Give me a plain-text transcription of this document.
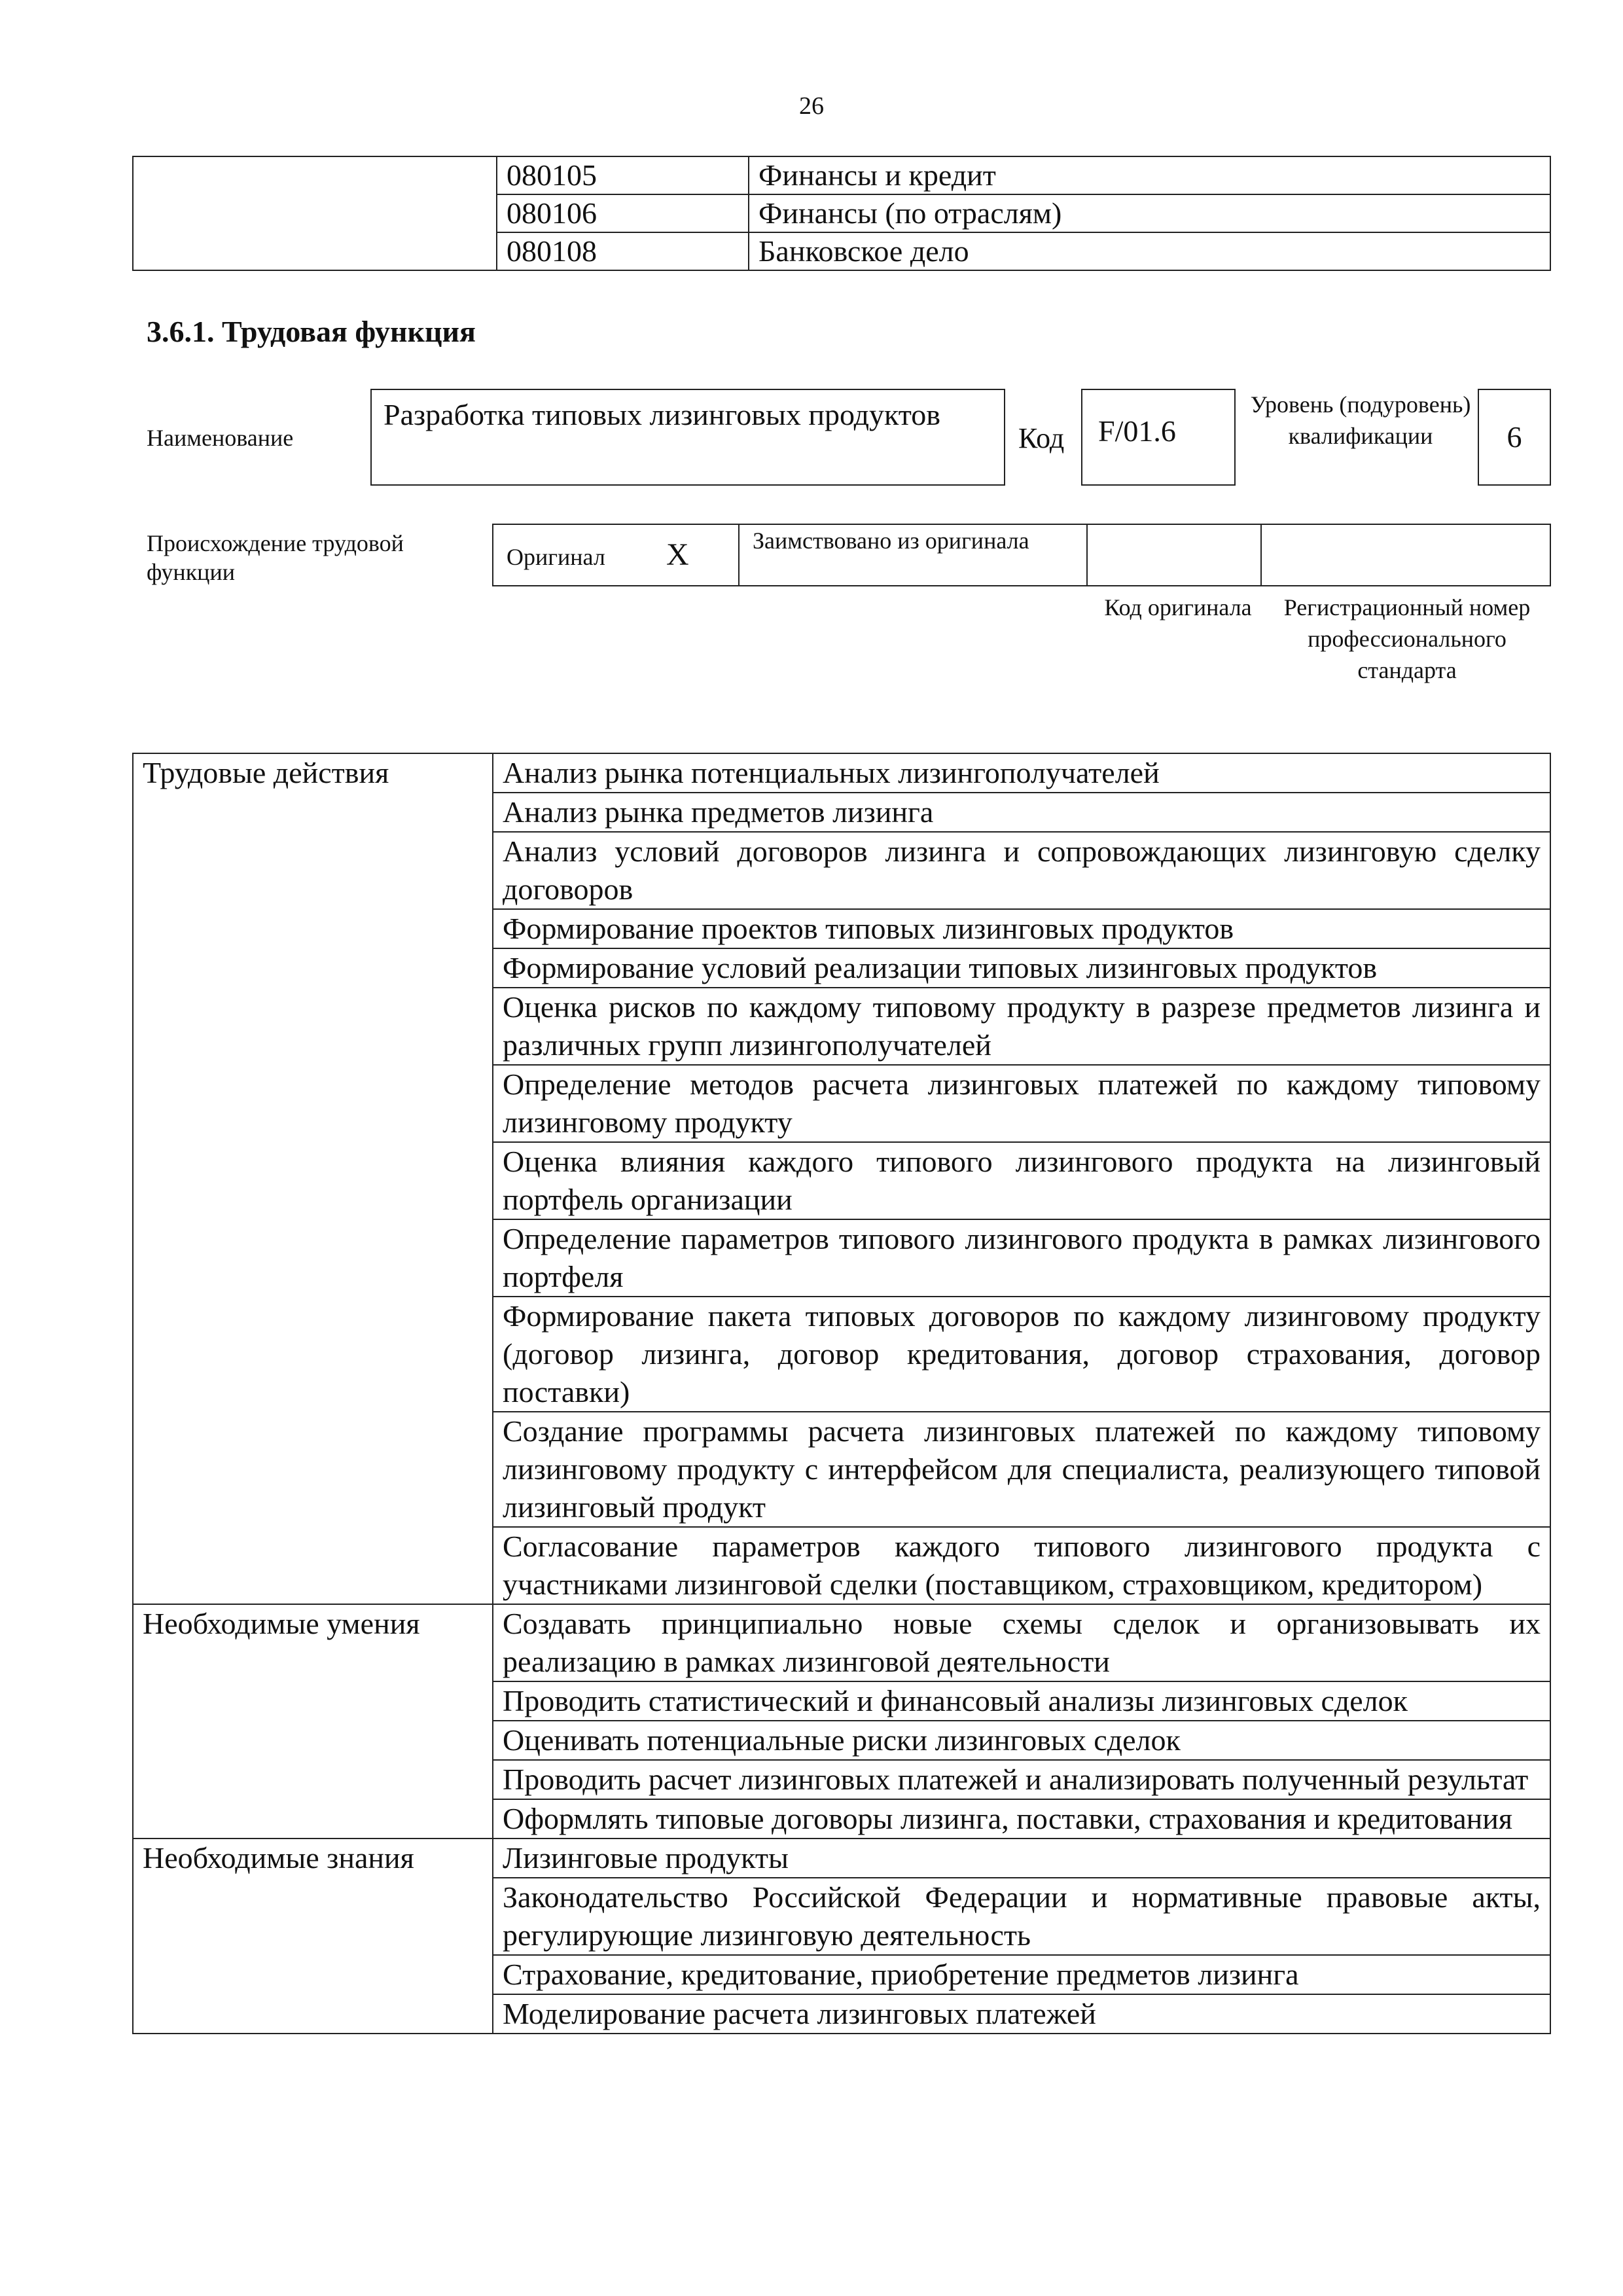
26
	080105	Финансы и кредит
	080106	Финансы (по отраслям)
	080108	Банковское дело
3.6.1. Трудовая функция
Наименование
Разработка типовых лизинговых продуктов
Код	F/01.6
Уровень (подуровень) квалификации	6
Происхождение трудовой функции
Оригинал X	Заимствовано из оригинала
Код оригинала Регистрационный номер профессионального стандарта
Трудовые действия	Анализ рынка потенциальных лизингополучателей
	Анализ рынка предметов лизинга
	Анализ условий договоров лизинга и сопровождающих лизинговую сделку договоров
	Формирование проектов типовых лизинговых продуктов
	Формирование условий реализации типовых лизинговых продуктов
	Оценка рисков по каждому типовому продукту в разрезе предметов лизинга и различных групп лизингополучателей
	Определение методов расчета лизинговых платежей по каждому типовому лизинговому продукту
	Оценка влияния каждого типового лизингового продукта на лизинговый портфель организации
	Определение параметров типового лизингового продукта в рамках лизингового портфеля
	Формирование пакета типовых договоров по каждому лизинговому продукту (договор лизинга, договор кредитования, договор страхования, договор поставки)
	Создание программы расчета лизинговых платежей по каждому типовому лизинговому продукту с интерфейсом для специалиста, реализующего типовой лизинговый продукт
	Согласование параметров каждого типового лизингового продукта с участниками лизинговой сделки (поставщиком, страховщиком, кредитором)
Необходимые умения	Создавать принципиально новые схемы сделок и организовывать их реализацию в рамках лизинговой деятельности
	Проводить статистический и финансовый анализы лизинговых сделок
	Оценивать потенциальные риски лизинговых сделок
	Проводить расчет лизинговых платежей и анализировать полученный результат
	Оформлять типовые договоры лизинга, поставки, страхования и кредитования
Необходимые знания	Лизинговые продукты
	Законодательство Российской Федерации и нормативные правовые акты, регулирующие лизинговую деятельность
	Страхование, кредитование, приобретение предметов лизинга
	Моделирование расчета лизинговых платежей
